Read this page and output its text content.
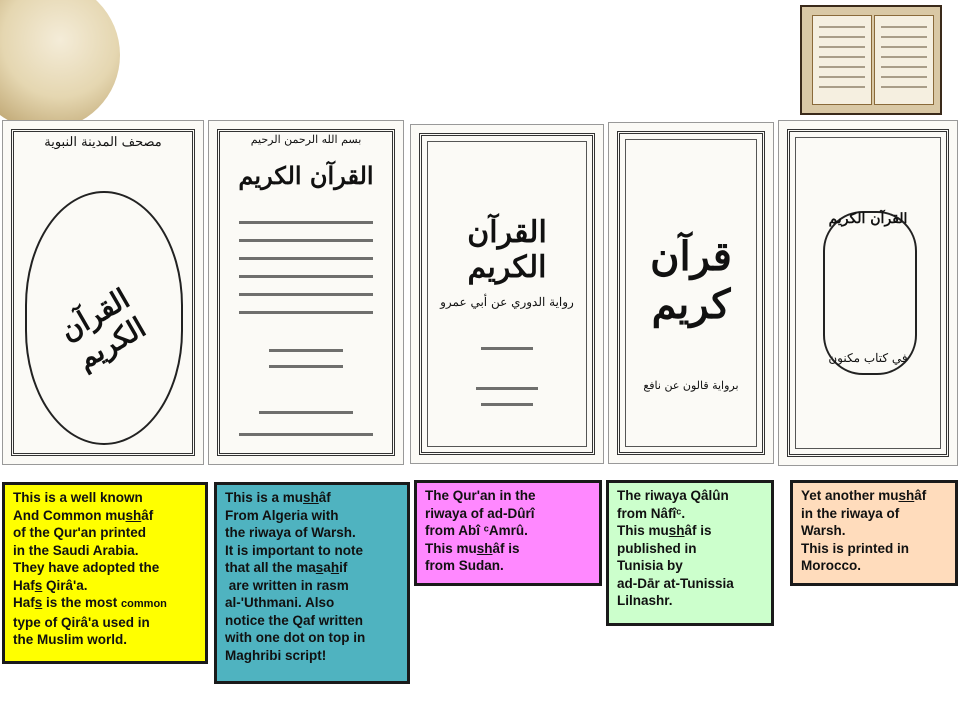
مصحف المدينة النبوية
القرآن الكريم
بسم الله الرحمن الرحيم
القرآن الكريم
القرآن الكريم
رواية الدوري عن أبي عمرو
قرآن كريم
برواية قالون عن نافع
القرآن الكريم
في كتاب مكنون

This is a well known

And Common mushâf

of the Qur'an printed

in the Saudi Arabia.

They have adopted the

Hafs Qirâ'a.

Hafs is the most common

type of Qirâ'a used in

the Muslim world.

This is a mushâf

From Algeria with

the riwaya of Warsh.

It is important to note

that all the masahif

are written in rasm

al-'Uthmani. Also

notice the Qaf written

with one dot on top in

Maghribi script!

The Qur'an in the

riwaya of ad-Dûrî

from Abî ᶜAmrû.

This mushâf is

from Sudan.

The riwaya Qâlûn

from Nâfîᶜ.

This mushâf is

published in

Tunisia by

ad-Dār at-Tunissia

Lilnashr.

Yet another mushâf

in the riwaya of

Warsh.

This is printed in

Morocco.
